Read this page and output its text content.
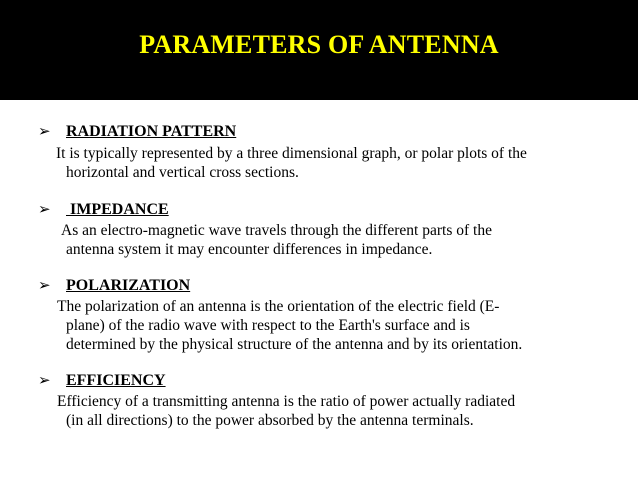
PARAMETERS OF ANTENNA
➢ RADIATION PATTERN
It is typically represented by a three dimensional graph, or polar plots of the
horizontal and vertical cross sections.
➢ IMPEDANCE
As an electro-magnetic wave travels through the different parts of the
antenna system it may encounter differences in impedance.
➢ POLARIZATION
The polarization of an antenna is the orientation of the electric field (E-
plane) of the radio wave with respect to the Earth's surface and is
determined by the physical structure of the antenna and by its orientation.
➢ EFFICIENCY
Efficiency of a transmitting antenna is the ratio of power actually radiated
(in all directions) to the power absorbed by the antenna terminals.
